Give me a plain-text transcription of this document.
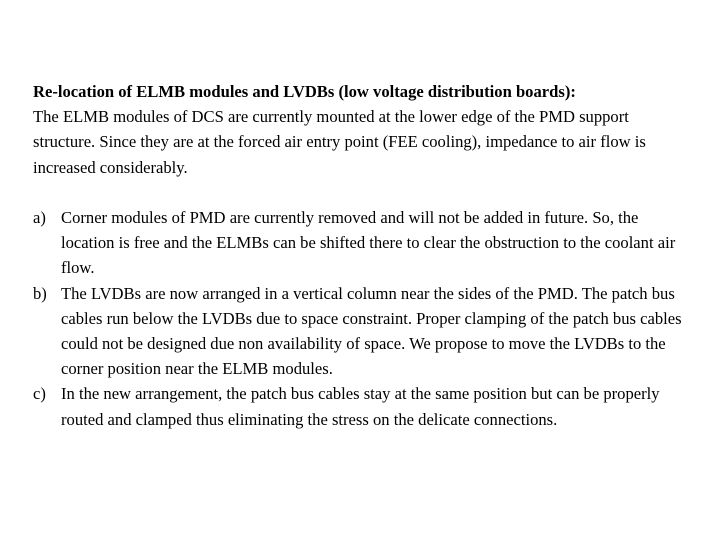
Re-location of ELMB modules and LVDBs (low voltage distribution boards):

The ELMB modules of DCS are currently mounted at the lower edge of the PMD support structure. Since they are at the forced air entry point (FEE cooling), impedance to air flow is increased considerably.

a) Corner modules of PMD are currently removed and will not be added in future. So, the location is free and the ELMBs can be shifted there to clear the obstruction to the coolant air flow.
b) The LVDBs are now arranged in a vertical column near the sides of the PMD. The patch bus cables run below the LVDBs due to space constraint. Proper clamping of the patch bus cables could not be designed due non availability of space. We propose to move the LVDBs to the corner position near the ELMB modules.
c) In the new arrangement, the patch bus cables stay at the same position but can be properly routed and clamped thus eliminating the stress on the delicate connections.
